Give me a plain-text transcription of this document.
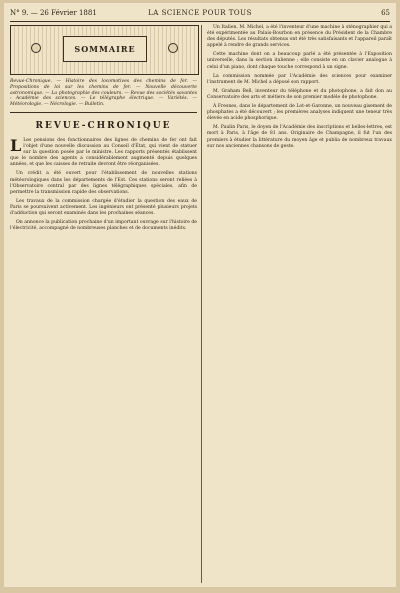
N° 9. — 26 Février 1881	LA SCIENCE POUR TOUS	65
SOMMAIRE
Revue-Chronique. — Histoire des locomotives des chemins de fer. — Propositions de loi sur les chemins de fer. — Nouvelle découverte astronomique. — La photographie des couleurs. — Revue des sociétés savantes : Académie des sciences. — Le télégraphe électrique. — Variétés. — Météorologie. — Nécrologie. — Bulletin.
REVUE-CHRONIQUE

L Les pensions des fonctionnaires des lignes de chemins de fer ont fait l'objet d'une nouvelle discussion au Conseil d'État, qui vient de statuer sur la question posée par le ministre. Les rapports présentés établissent que le nombre des agents a considérablement augmenté depuis quelques années, et que les caisses de retraite devront être réorganisées.

Un crédit a été ouvert pour l'établissement de nouvelles stations météorologiques dans les départements de l'Est. Ces stations seront reliées à l'Observatoire central par des lignes télégraphiques spéciales, afin de permettre la transmission rapide des observations.

Les travaux de la commission chargée d'étudier la question des eaux de Paris se poursuivent activement. Les ingénieurs ont présenté plusieurs projets d'adduction qui seront examinés dans les prochaines séances.

On annonce la publication prochaine d'un important ouvrage sur l'histoire de l'électricité, accompagné de nombreuses planches et de documents inédits.

Un Italien, M. Michel, a été l'inventeur d'une machine à sténographier qui a été expérimentée au Palais-Bourbon en présence du Président de la Chambre des députés. Les résultats obtenus ont été très satisfaisants et l'appareil paraît appelé à rendre de grands services.

Cette machine dont on a beaucoup parlé a été présentée à l'Exposition universelle, dans la section italienne ; elle consiste en un clavier analogue à celui d'un piano, dont chaque touche correspond à un signe.

La commission nommée par l'Académie des sciences pour examiner l'instrument de M. Michel a déposé son rapport.

M. Graham Bell, inventeur du téléphone et du photophone, a fait don au Conservatoire des arts et métiers de son premier modèle de photophone.

À Fresnes, dans le département de Lot-et-Garonne, un nouveau gisement de phosphates a été découvert ; les premières analyses indiquent une teneur très élevée en acide phosphorique.

M. Paulin Paris, le doyen de l'Académie des inscriptions et belles-lettres, est mort à Paris, à l'âge de 81 ans. Originaire de Champagne, il fut l'un des premiers à étudier la littérature du moyen âge et publia de nombreux travaux sur nos anciennes chansons de geste.
